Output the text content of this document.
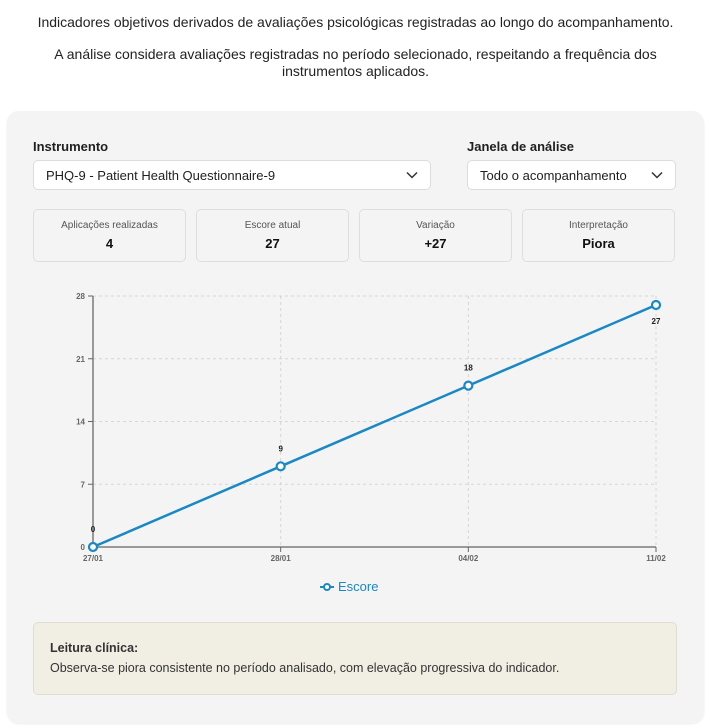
Indicadores objetivos derivados de avaliações psicológicas registradas ao longo do acompanhamento.
A análise considera avaliações registradas no período selecionado, respeitando a frequência dos instrumentos aplicados.
Instrumento
PHQ-9 - Patient Health Questionnaire-9
Janela de análise
Todo o acompanhamento
Aplicações realizadas
4
Escore atual
27
Variação
+27
Interpretação
Piora
0
7
14
21
28
27/01	28/01	04/02	11/02
0
9
18
27
Escore
Leitura clínica:
Observa-se piora consistente no período analisado, com elevação progressiva do indicador.
